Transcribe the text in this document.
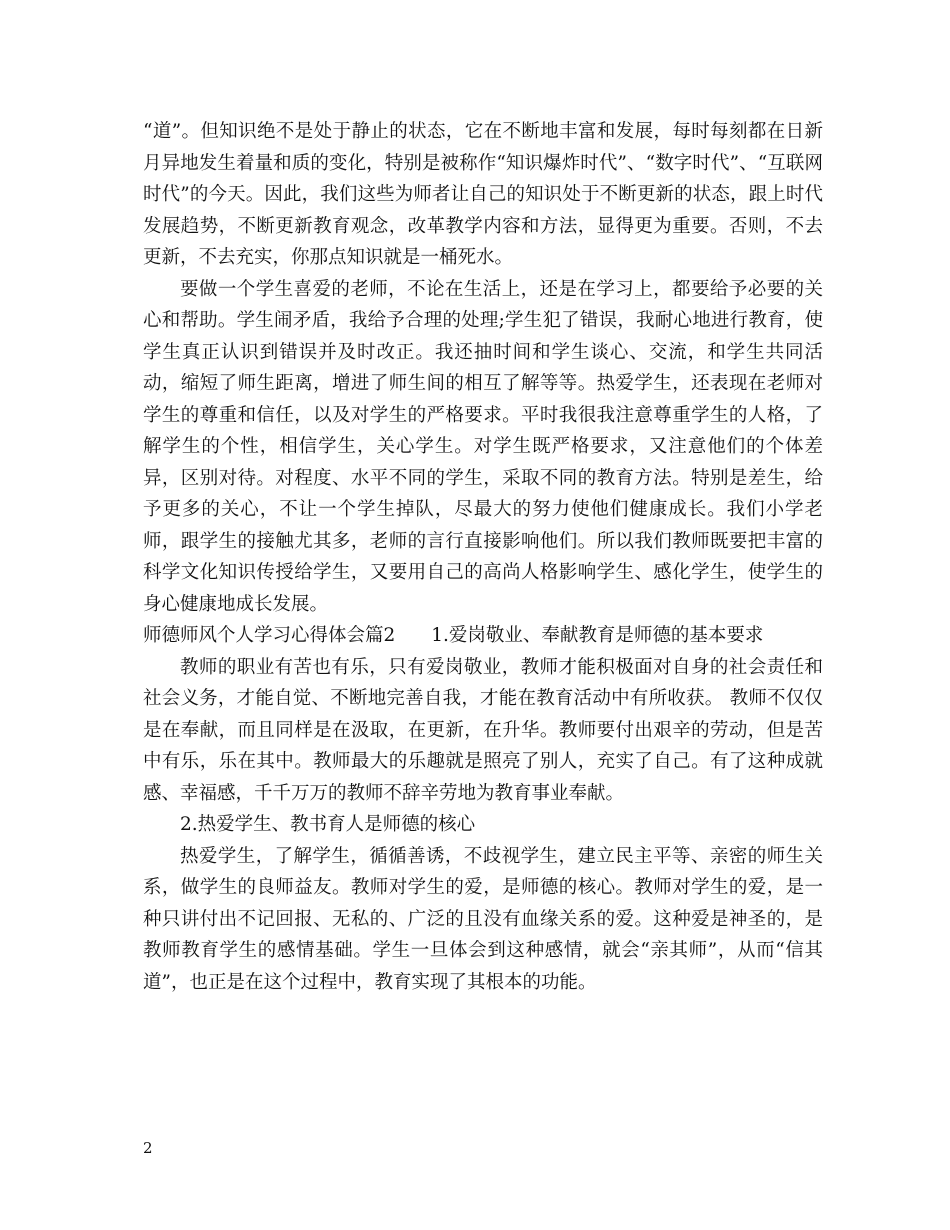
“道”。但知识绝不是处于静止的状态，它在不断地丰富和发展，每时每刻都在日新月异地发生着量和质的变化，特别是被称作“知识爆炸时代”、“数字时代”、“互联网时代”的今天。因此，我们这些为师者让自己的知识处于不断更新的状态，跟上时代发展趋势，不断更新教育观念，改革教学内容和方法，显得更为重要。否则，不去更新，不去充实，你那点知识就是一桶死水。

要做一个学生喜爱的老师，不论在生活上，还是在学习上，都要给予必要的关心和帮助。学生闹矛盾，我给予合理的处理;学生犯了错误，我耐心地进行教育，使学生真正认识到错误并及时改正。我还抽时间和学生谈心、交流，和学生共同活动，缩短了师生距离，增进了师生间的相互了解等等。热爱学生，还表现在老师对学生的尊重和信任，以及对学生的严格要求。平时我很我注意尊重学生的人格，了解学生的个性，相信学生，关心学生。对学生既严格要求，又注意他们的个体差异，区别对待。对程度、水平不同的学生，采取不同的教育方法。特别是差生，给予更多的关心，不让一个学生掉队，尽最大的努力使他们健康成长。我们小学老师，跟学生的接触尤其多，老师的言行直接影响他们。所以我们教师既要把丰富的科学文化知识传授给学生，又要用自己的高尚人格影响学生、感化学生，使学生的身心健康地成长发展。

师德师风个人学习心得体会篇2 1.爱岗敬业、奉献教育是师德的基本要求

教师的职业有苦也有乐，只有爱岗敬业，教师才能积极面对自身的社会责任和社会义务，才能自觉、不断地完善自我，才能在教育活动中有所收获。 教师不仅仅是在奉献，而且同样是在汲取，在更新，在升华。教师要付出艰辛的劳动，但是苦中有乐，乐在其中。教师最大的乐趣就是照亮了别人，充实了自己。有了这种成就感、幸福感，千千万万的教师不辞辛劳地为教育事业奉献。

2.热爱学生、教书育人是师德的核心

热爱学生，了解学生，循循善诱，不歧视学生，建立民主平等、亲密的师生关系，做学生的良师益友。教师对学生的爱，是师德的核心。教师对学生的爱，是一种只讲付出不记回报、无私的、广泛的且没有血缘关系的爱。这种爱是神圣的，是教师教育学生的感情基础。学生一旦体会到这种感情，就会“亲其师”，从而“信其道”，也正是在这个过程中，教育实现了其根本的功能。

2
